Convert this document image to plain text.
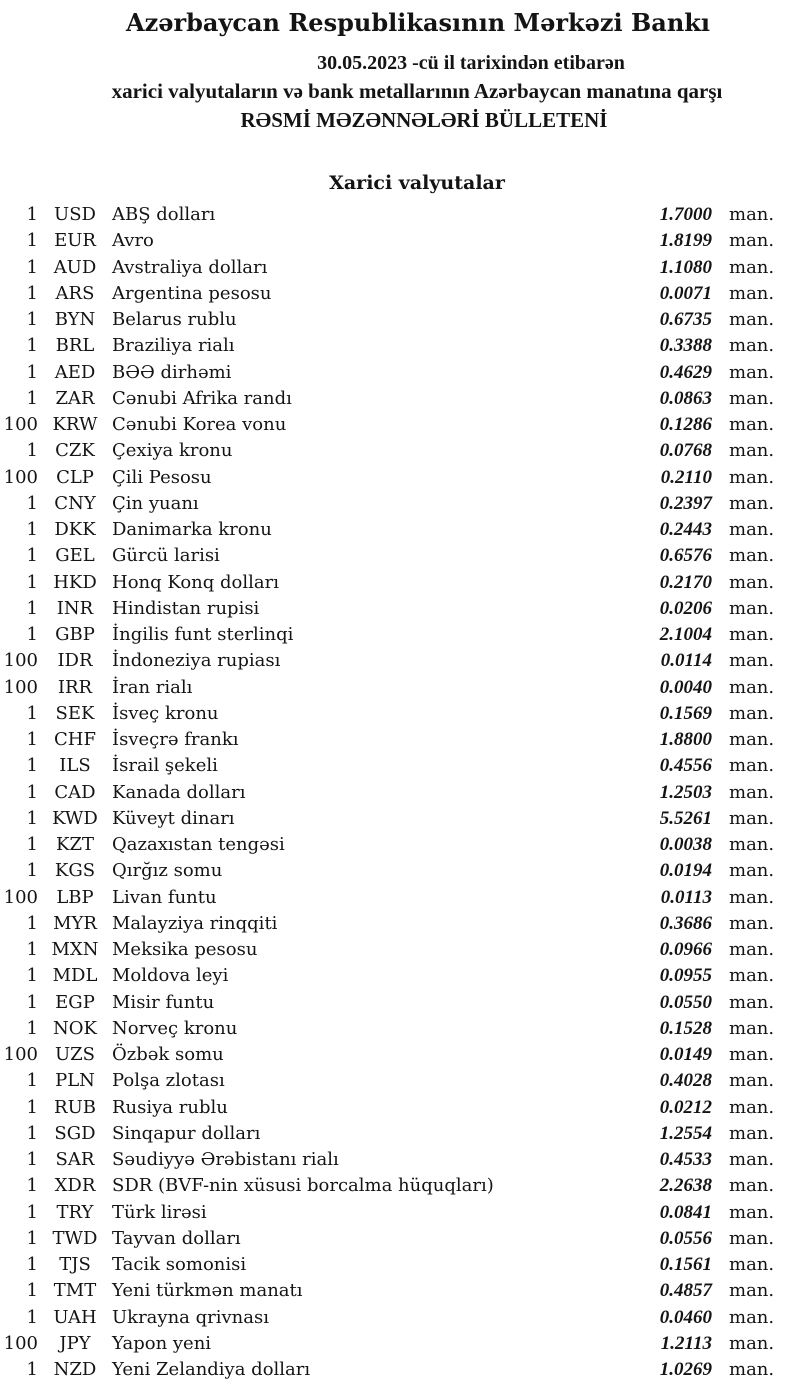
Azərbaycan Respublikasının Mərkəzi Bankı
30.05.2023 -cü il tarixindən etibarən
xarici valyutaların və bank metallarının Azərbaycan manatına qarşı
RƏSMİ MƏZƏNNƏLƏRİ BÜLLETENİ
Xarici valyutalar
1 USD ABŞ dolları	1.7000 man.
1 EUR Avro	1.8199 man.
1 AUD Avstraliya dolları	1.1080 man.
1 ARS Argentina pesosu	0.0071 man.
1 BYN Belarus rublu	0.6735 man.
1 BRL Braziliya rialı	0.3388 man.
1 AED BƏƏ dirhəmi	0.4629 man.
1 ZAR Cənubi Afrika randı	0.0863 man.
100 KRW Cənubi Korea vonu	0.1286 man.
1 CZK Çexiya kronu	0.0768 man.
100	CLP	Çili Pesosu	0.2110 man.
1 CNY Çin yuanı	0.2397 man.
1 DKK Danimarka kronu	0.2443 man.
1 GEL Gürcü larisi	0.6576 man.
1 HKD Honq Konq dolları	0.2170 man.
1	INR	Hindistan rupisi	0.0206 man.
1 GBP İngilis funt sterlinqi	2.1004 man.
100	IDR	İndoneziya rupiası	0.0114 man.
100	IRR	İran rialı	0.0040 man.
1 SEK İsveç kronu	0.1569 man.
1 CHF İsveçrə frankı	1.8800 man.
1	ILS	İsrail şekeli	0.4556 man.
1 CAD Kanada dolları	1.2503 man.
1 KWD Küveyt dinarı	5.5261 man.
1	KZT	Qazaxıstan tengəsi	0.0038 man.
1 KGS Qırğız somu	0.0194 man.
100	LBP	Livan funtu	0.0113 man.
1 MYR Malayziya rinqqiti	0.3686 man.
1 MXN Meksika pesosu	0.0966 man.
1 MDL Moldova leyi	0.0955 man.
1 EGP Misir funtu	0.0550 man.
1 NOK Norveç kronu	0.1528 man.
100 UZS Özbək somu	0.0149 man.
1 PLN Polşa zlotası	0.4028 man.
1 RUB Rusiya rublu	0.0212 man.
1 SGD Sinqapur dolları	1.2554 man.
1 SAR Səudiyyə Ərəbistanı rialı	0.4533 man.
1 XDR SDR (BVF-nin xüsusi borcalma hüquqları)	2.2638 man.
1	TRY	Türk lirəsi	0.0841 man.
1 TWD Tayvan dolları	0.0556 man.
1	TJS	Tacik somonisi	0.1561 man.
1 TMT Yeni türkmən manatı	0.4857 man.
1 UAH Ukrayna qrivnası	0.0460 man.
100	JPY	Yapon yeni	1.2113 man.
1 NZD Yeni Zelandiya dolları	1.0269 man.
